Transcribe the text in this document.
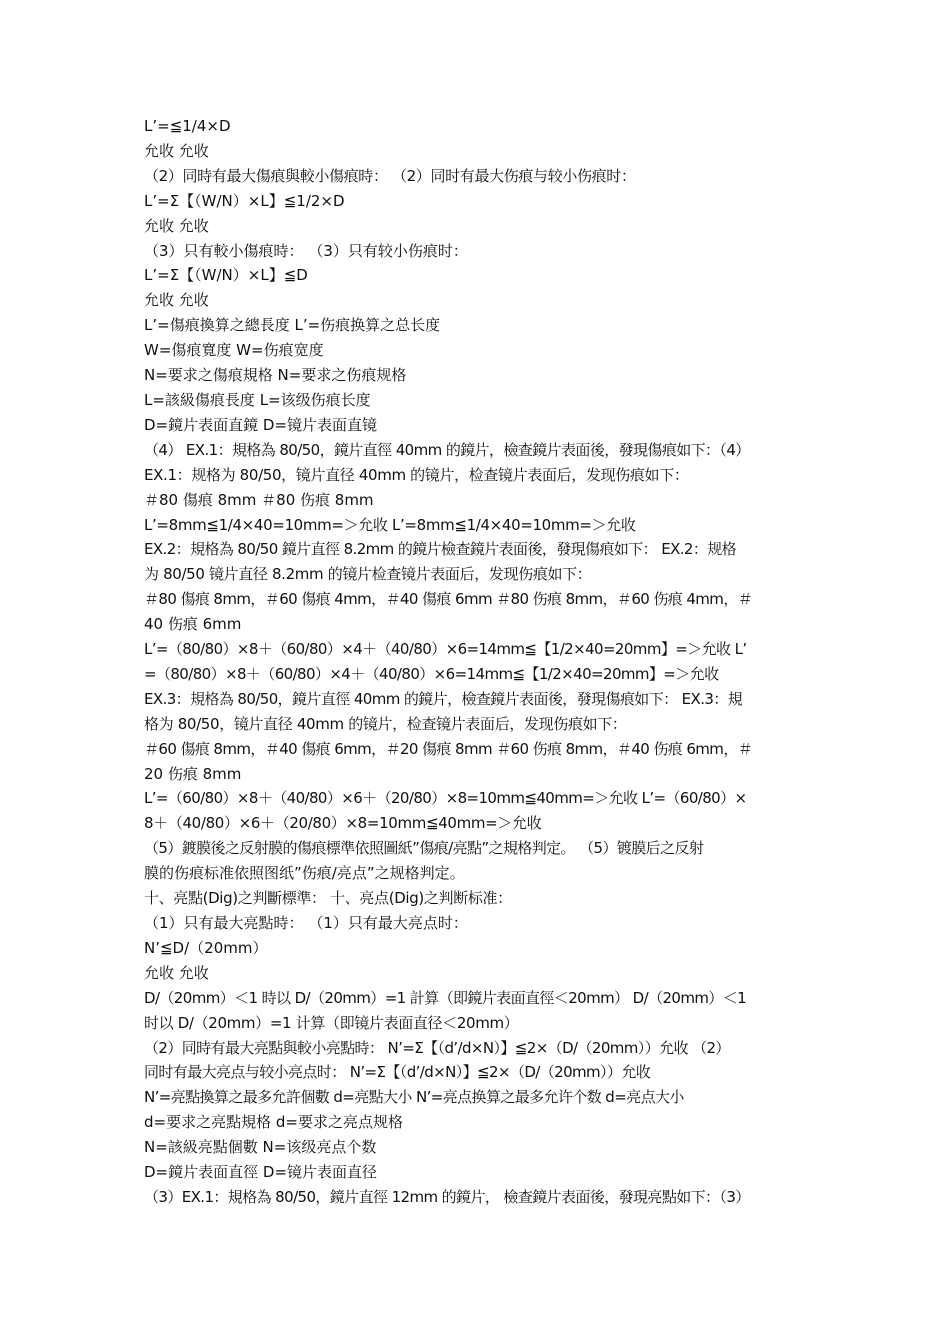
L’=≦1/4×D
允收 允收
（2）同時有最大傷痕與較小傷痕時： （2）同时有最大伤痕与较小伤痕时：
L’=Σ【（W/N）×L】≦1/2×D
允收 允收
（3）只有較小傷痕時： （3）只有较小伤痕时：
L’=Σ【（W/N）×L】≦D
允收 允收
L’=傷痕換算之總長度 L’=伤痕换算之总长度
W=傷痕寬度 W=伤痕宽度
N=要求之傷痕規格 N=要求之伤痕规格
L=該級傷痕長度 L=该级伤痕长度
D=鏡片表面直鏡 D=镜片表面直镜
（4） EX.1：規格為 80/50，鏡片直徑 40mm 的鏡片，檢查鏡片表面後，發現傷痕如下：（4）
EX.1：规格为 80/50，镜片直径 40mm 的镜片，检查镜片表面后，发现伤痕如下：
＃80 傷痕 8mm ＃80 伤痕 8mm
L’=8mm≦1/4×40=10mm=＞允收 L’=8mm≦1/4×40=10mm=＞允收
EX.2：規格為 80/50 鏡片直徑 8.2mm 的鏡片檢查鏡片表面後，發現傷痕如下： EX.2：规格
为 80/50 镜片直径 8.2mm 的镜片检查镜片表面后，发现伤痕如下：
＃80 傷痕 8mm，＃60 傷痕 4mm，＃40 傷痕 6mm ＃80 伤痕 8mm，＃60 伤痕 4mm，＃
40 伤痕 6mm
L’=（80/80）×8＋（60/80）×4＋（40/80）×6=14mm≦【1/2×40=20mm】=＞允收 L’
=（80/80）×8＋（60/80）×4＋（40/80）×6=14mm≦【1/2×40=20mm】=＞允收
EX.3：規格為 80/50，鏡片直徑 40mm 的鏡片，檢查鏡片表面後，發現傷痕如下： EX.3：規
格为 80/50，镜片直径 40mm 的镜片，检查镜片表面后，发现伤痕如下：
＃60 傷痕 8mm，＃40 傷痕 6mm，＃20 傷痕 8mm ＃60 伤痕 8mm，＃40 伤痕 6mm，＃
20 伤痕 8mm
L’=（60/80）×8＋（40/80）×6＋（20/80）×8=10mm≦40mm=＞允收 L’=（60/80）×
8＋（40/80）×6＋（20/80）×8=10mm≦40mm=＞允收
（5）鍍膜後之反射膜的傷痕標準依照圖紙”傷痕/亮點”之規格判定。 （5）镀膜后之反射
膜的伤痕标准依照图纸”伤痕/亮点”之规格判定。
十、亮點(Dig)之判斷標準： 十、亮点(Dig)之判断标准：
（1）只有最大亮點時： （1）只有最大亮点时：
N’≦D/（20mm）
允收 允收
D/（20mm）＜1 時以 D/（20mm）=1 計算（即鏡片表面直徑＜20mm） D/（20mm）＜1
时以 D/（20mm）=1 计算（即镜片表面直径＜20mm）
（2）同時有最大亮點與較小亮點時： N’=Σ【（d’/d×N）】≦2×（D/（20mm））允收 （2）
同时有最大亮点与较小亮点时： N’=Σ【（d’/d×N）】≦2×（D/（20mm））允收
N’=亮點換算之最多允許個數 d=亮點大小 N’=亮点换算之最多允许个数 d=亮点大小
d=要求之亮點規格 d=要求之亮点规格
N=該級亮點個數 N=该级亮点个数
D=鏡片表面直徑 D=镜片表面直径
（3）EX.1：規格為 80/50，鏡片直徑 12mm 的鏡片， 檢查鏡片表面後，發現亮點如下：（3）
